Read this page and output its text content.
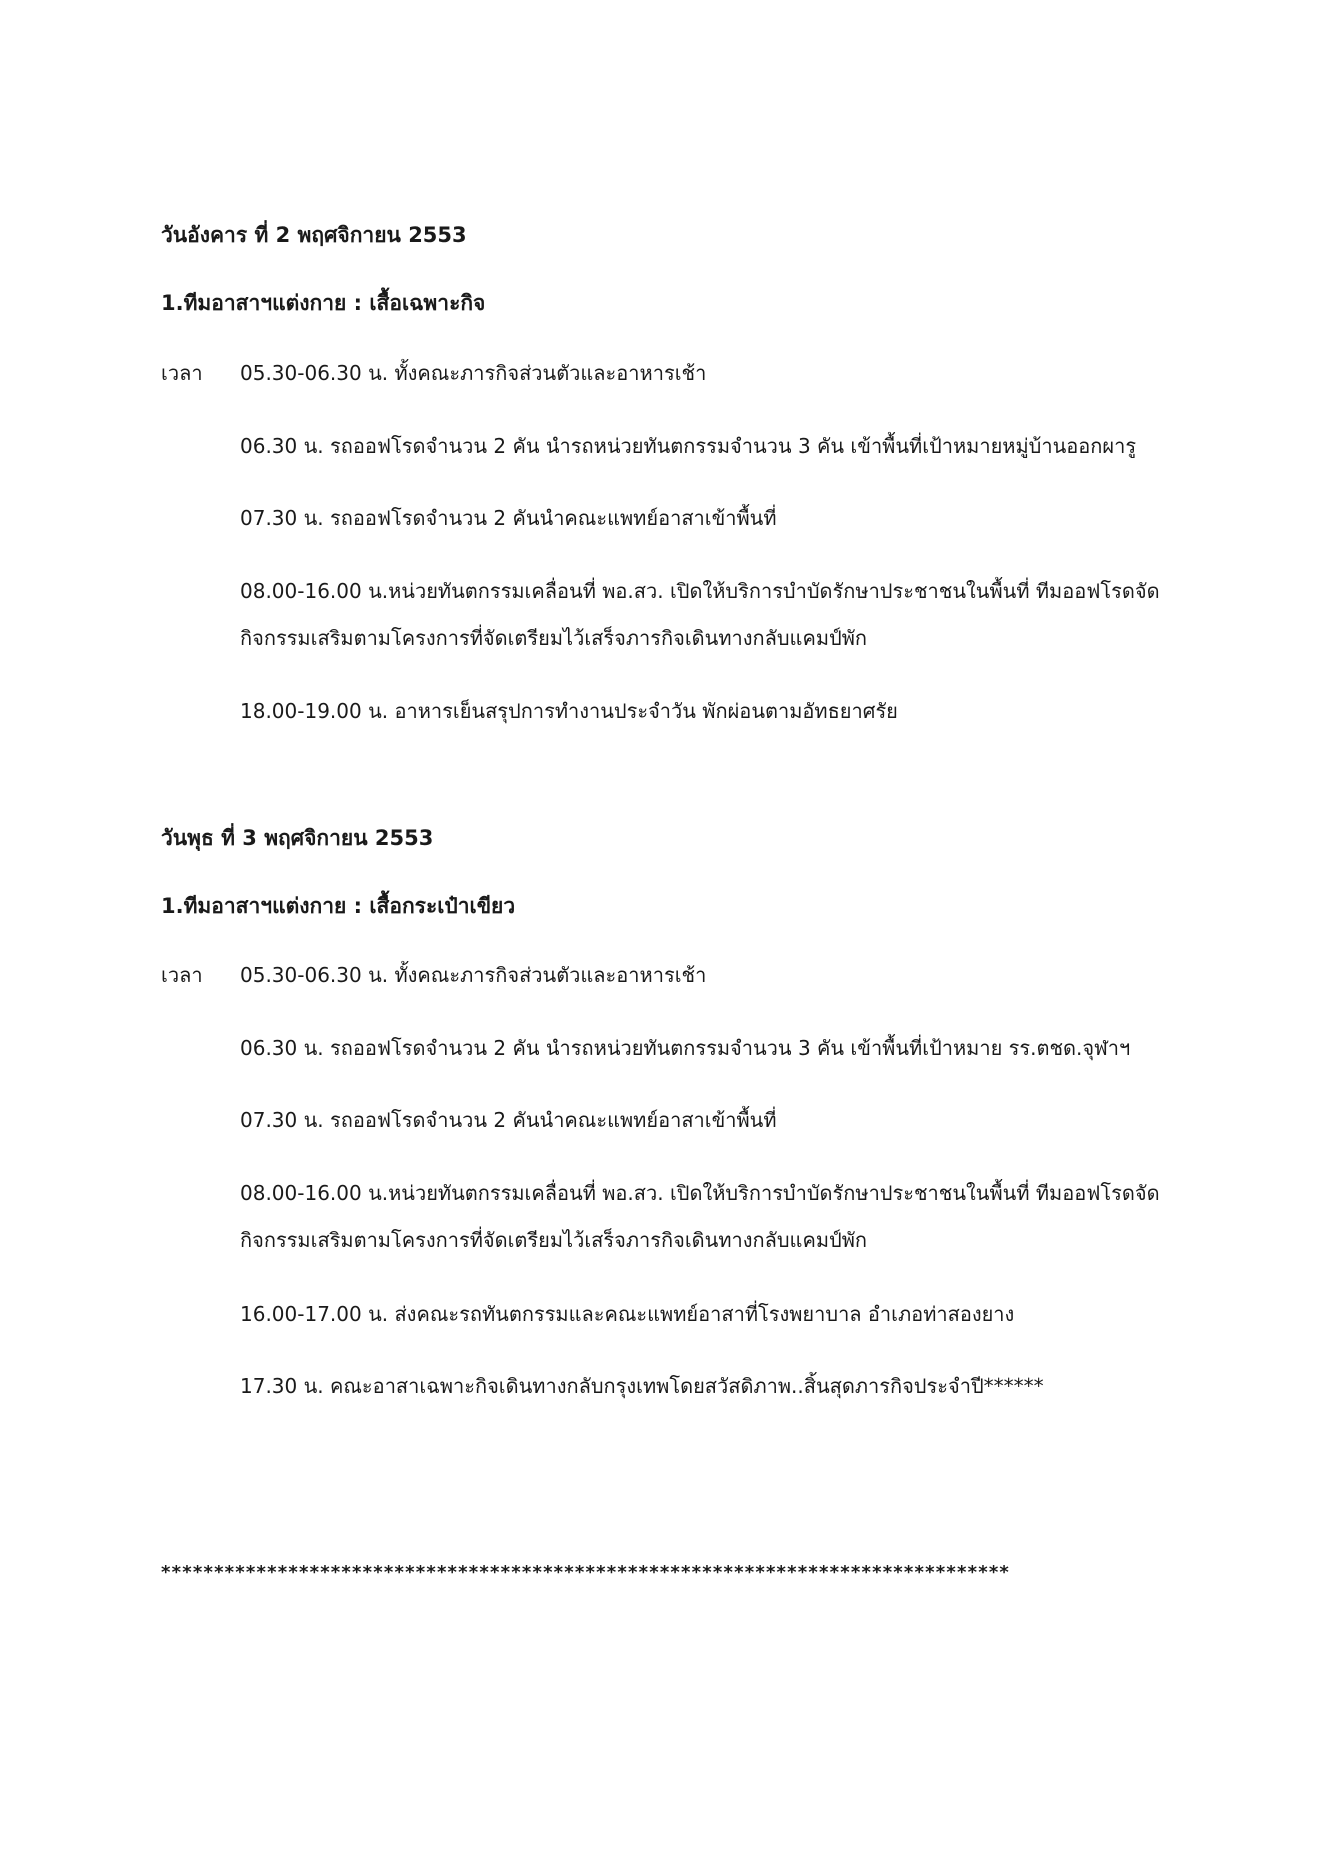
วันอังคาร ที่ 2 พฤศจิกายน 2553
1.ทีมอาสาฯแต่งกาย : เสื้อเฉพาะกิจ
เวลา 05.30-06.30 น. ทั้งคณะภารกิจส่วนตัวและอาหารเช้า
06.30 น. รถออฟโรดจำนวน 2 คัน นำรถหน่วยทันตกรรมจำนวน 3 คัน เข้าพื้นที่เป้าหมายหมู่บ้านออกผารู
07.30 น. รถออฟโรดจำนวน 2 คันนำคณะแพทย์อาสาเข้าพื้นที่
08.00-16.00 น.หน่วยทันตกรรมเคลื่อนที่ พอ.สว. เปิดให้บริการบำบัดรักษาประชาชนในพื้นที่ ทีมออฟโรดจัด
กิจกรรมเสริมตามโครงการที่จัดเตรียมไว้เสร็จภารกิจเดินทางกลับแคมป์พัก
18.00-19.00 น. อาหารเย็นสรุปการทำงานประจำวัน พักผ่อนตามอัทธยาศรัย
วันพุธ ที่ 3 พฤศจิกายน 2553
1.ทีมอาสาฯแต่งกาย : เสื้อกระเป๋าเขียว
เวลา 05.30-06.30 น. ทั้งคณะภารกิจส่วนตัวและอาหารเช้า
06.30 น. รถออฟโรดจำนวน 2 คัน นำรถหน่วยทันตกรรมจำนวน 3 คัน เข้าพื้นที่เป้าหมาย รร.ตชด.จุฬาฯ
07.30 น. รถออฟโรดจำนวน 2 คันนำคณะแพทย์อาสาเข้าพื้นที่
08.00-16.00 น.หน่วยทันตกรรมเคลื่อนที่ พอ.สว. เปิดให้บริการบำบัดรักษาประชาชนในพื้นที่ ทีมออฟโรดจัด
กิจกรรมเสริมตามโครงการที่จัดเตรียมไว้เสร็จภารกิจเดินทางกลับแคมป์พัก
16.00-17.00 น. ส่งคณะรถทันตกรรมและคณะแพทย์อาสาที่โรงพยาบาล อำเภอท่าสองยาง
17.30 น. คณะอาสาเฉพาะกิจเดินทางกลับกรุงเทพโดยสวัสดิภาพ..สิ้นสุดภารกิจประจำปี******
********************************************************************************
